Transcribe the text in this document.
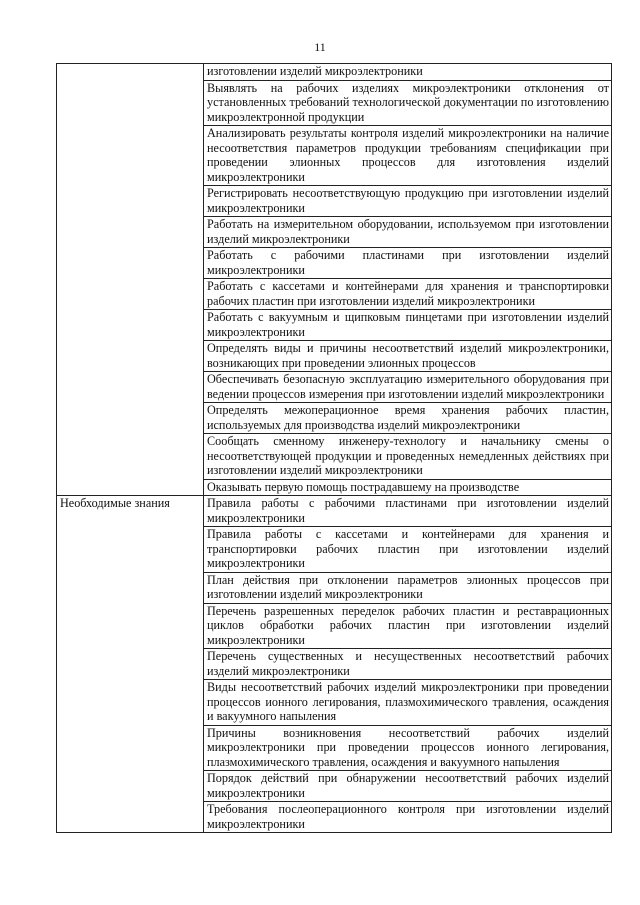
11

	изготовлении изделий микроэлектроники

	Выявлять на рабочих изделиях микроэлектроники отклонения от установленных требований технологической документации по изготовлению микроэлектронной продукции

	Анализировать результаты контроля изделий микроэлектроники на наличие несоответствия параметров продукции требованиям спецификации при проведении элионных процессов для изготовления изделий микроэлектроники

	Регистрировать несоответствующую продукцию при изготовлении изделий микроэлектроники

	Работать на измерительном оборудовании, используемом при изготовлении изделий микроэлектроники

	Работать с рабочими пластинами при изготовлении изделий микроэлектроники

	Работать с кассетами и контейнерами для хранения и транспортировки рабочих пластин при изготовлении изделий микроэлектроники

	Работать с вакуумным и щипковым пинцетами при изготовлении изделий микроэлектроники

	Определять виды и причины несоответствий изделий микроэлектроники, возникающих при проведении элионных процессов

	Обеспечивать безопасную эксплуатацию измерительного оборудования при ведении процессов измерения при изготовлении изделий микроэлектроники

	Определять межоперационное время хранения рабочих пластин, используемых для производства изделий микроэлектроники

	Сообщать сменному инженеру-технологу и начальнику смены о несоответствующей продукции и проведенных немедленных действиях при изготовлении изделий микроэлектроники

	Оказывать первую помощь пострадавшему на производстве

Необходимые знания	Правила работы с рабочими пластинами при изготовлении изделий микроэлектроники

	Правила работы с кассетами и контейнерами для хранения и транспортировки рабочих пластин при изготовлении изделий микроэлектроники

	План действия при отклонении параметров элионных процессов при изготовлении изделий микроэлектроники

	Перечень разрешенных переделок рабочих пластин и реставрационных циклов обработки рабочих пластин при изготовлении изделий микроэлектроники

	Перечень существенных и несущественных несоответствий рабочих изделий микроэлектроники

	Виды несоответствий рабочих изделий микроэлектроники при проведении процессов ионного легирования, плазмохимического травления, осаждения и вакуумного напыления

	Причины возникновения несоответствий рабочих изделий микроэлектроники при проведении процессов ионного легирования, плазмохимического травления, осаждения и вакуумного напыления

	Порядок действий при обнаружении несоответствий рабочих изделий микроэлектроники

	Требования послеоперационного контроля при изготовлении изделий микроэлектроники
